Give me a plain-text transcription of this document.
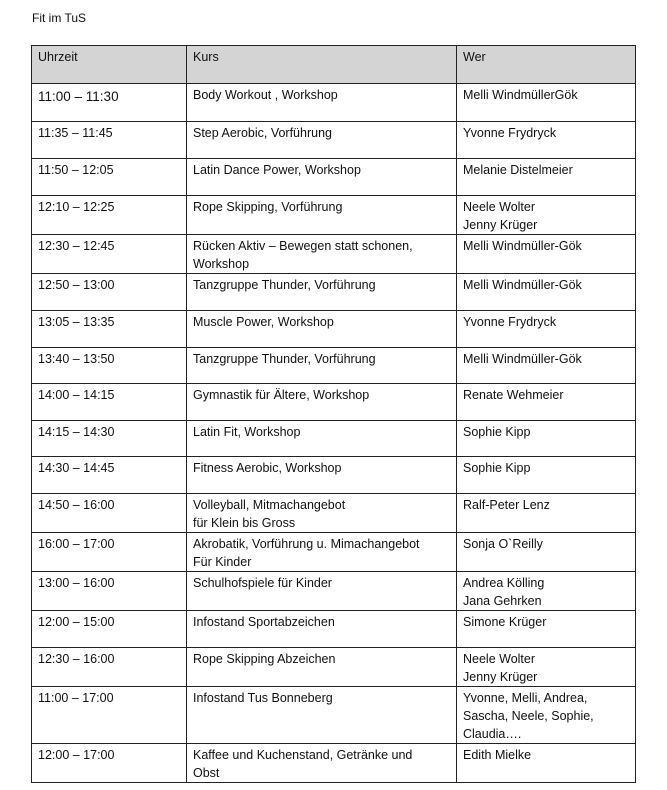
Fit im TuS
Uhrzeit	Kurs	Wer
11:00 – 11:30	Body Workout , Workshop	Melli WindmüllerGök

11:35 – 11:45	Step Aerobic, Vorführung	Yvonne Frydryck

11:50 – 12:05	Latin Dance Power, Workshop	Melanie Distelmeier

12:10 – 12:25	Rope Skipping, Vorführung	Neele Wolter
Jenny Krüger

12:30 – 12:45	Rücken Aktiv – Bewegen statt schonen,
Workshop	Melli Windmüller-Gök

12:50 – 13:00	Tanzgruppe Thunder, Vorführung	Melli Windmüller-Gök

13:05 – 13:35	Muscle Power, Workshop	Yvonne Frydryck

13:40 – 13:50	Tanzgruppe Thunder, Vorführung	Melli Windmüller-Gök

14:00 – 14:15	Gymnastik für Ältere, Workshop	Renate Wehmeier

14:15 – 14:30	Latin Fit, Workshop	Sophie Kipp

14:30 – 14:45	Fitness Aerobic, Workshop	Sophie Kipp

14:50 – 16:00	Volleyball, Mitmachangebot
für Klein bis Gross	Ralf-Peter Lenz

16:00 – 17:00	Akrobatik, Vorführung u. Mimachangebot
Für Kinder	Sonja O`Reilly

13:00 – 16:00	Schulhofspiele für Kinder	Andrea Kölling
Jana Gehrken

12:00 – 15:00	Infostand Sportabzeichen	Simone Krüger

12:30 – 16:00	Rope Skipping Abzeichen	Neele Wolter
Jenny Krüger

11:00 – 17:00	Infostand Tus Bonneberg	Yvonne, Melli, Andrea,
Sascha, Neele, Sophie,
Claudia….

12:00 – 17:00	Kaffee und Kuchenstand, Getränke und
Obst	Edith Mielke
